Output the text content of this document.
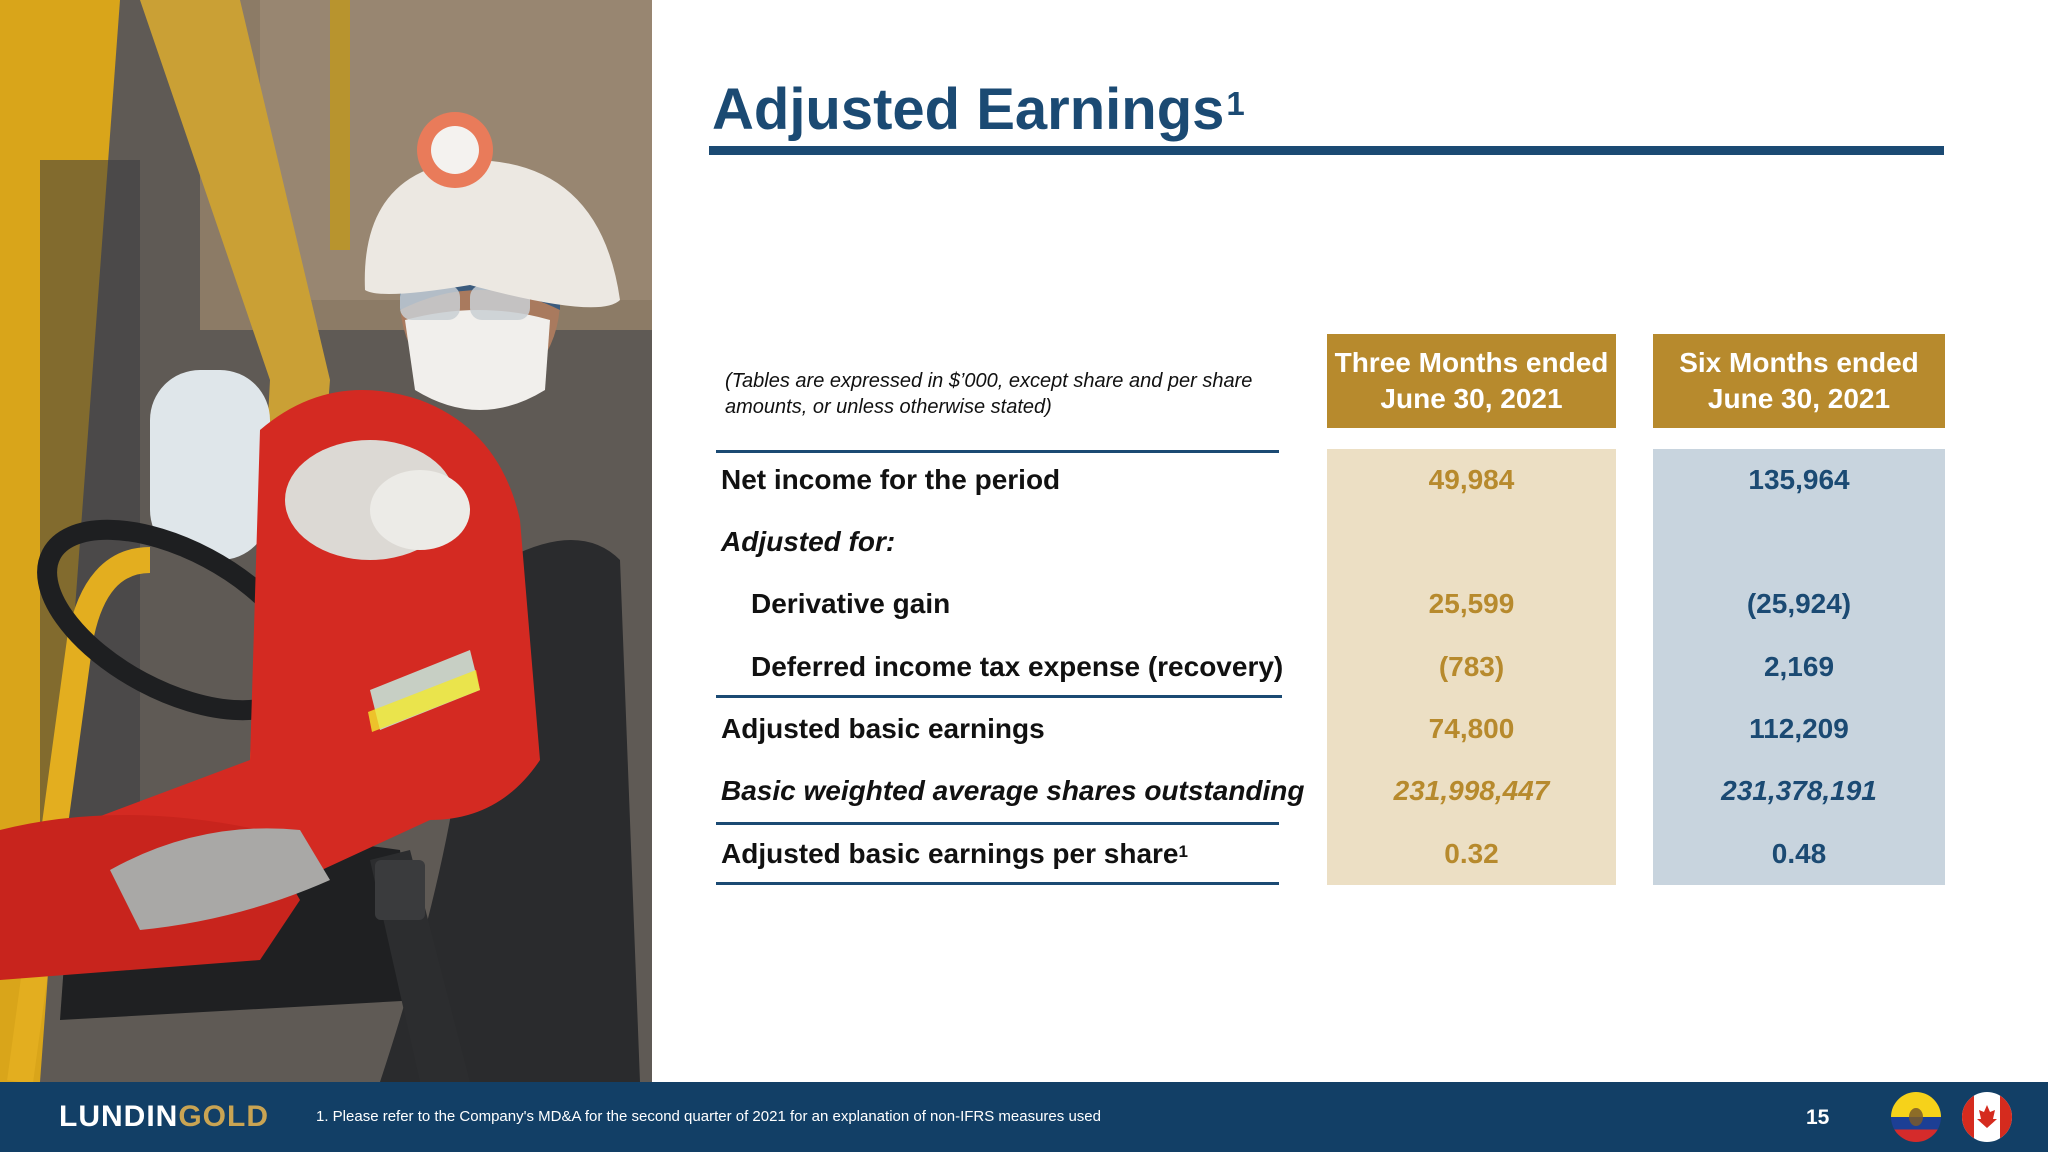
Adjusted Earnings$^1$
(Tables are expressed in $’000, except share and per share amounts, or unless otherwise stated)
Three Months ended
June 30, 2021
Six Months ended
June 30, 2021
Net income for the period	49,984	135,964
Adjusted for:
Derivative gain	25,599	(25,924)
Deferred income tax expense (recovery)	(783)	2,169
Adjusted basic earnings	74,800	112,209
Basic weighted average shares outstanding	231,998,447	231,378,191
Adjusted basic earnings per share$^1$	0.32	0.48
LUNDINGOLD	1. Please refer to the Company's MD&A for the second quarter of 2021 for an explanation of non-IFRS measures used	15
